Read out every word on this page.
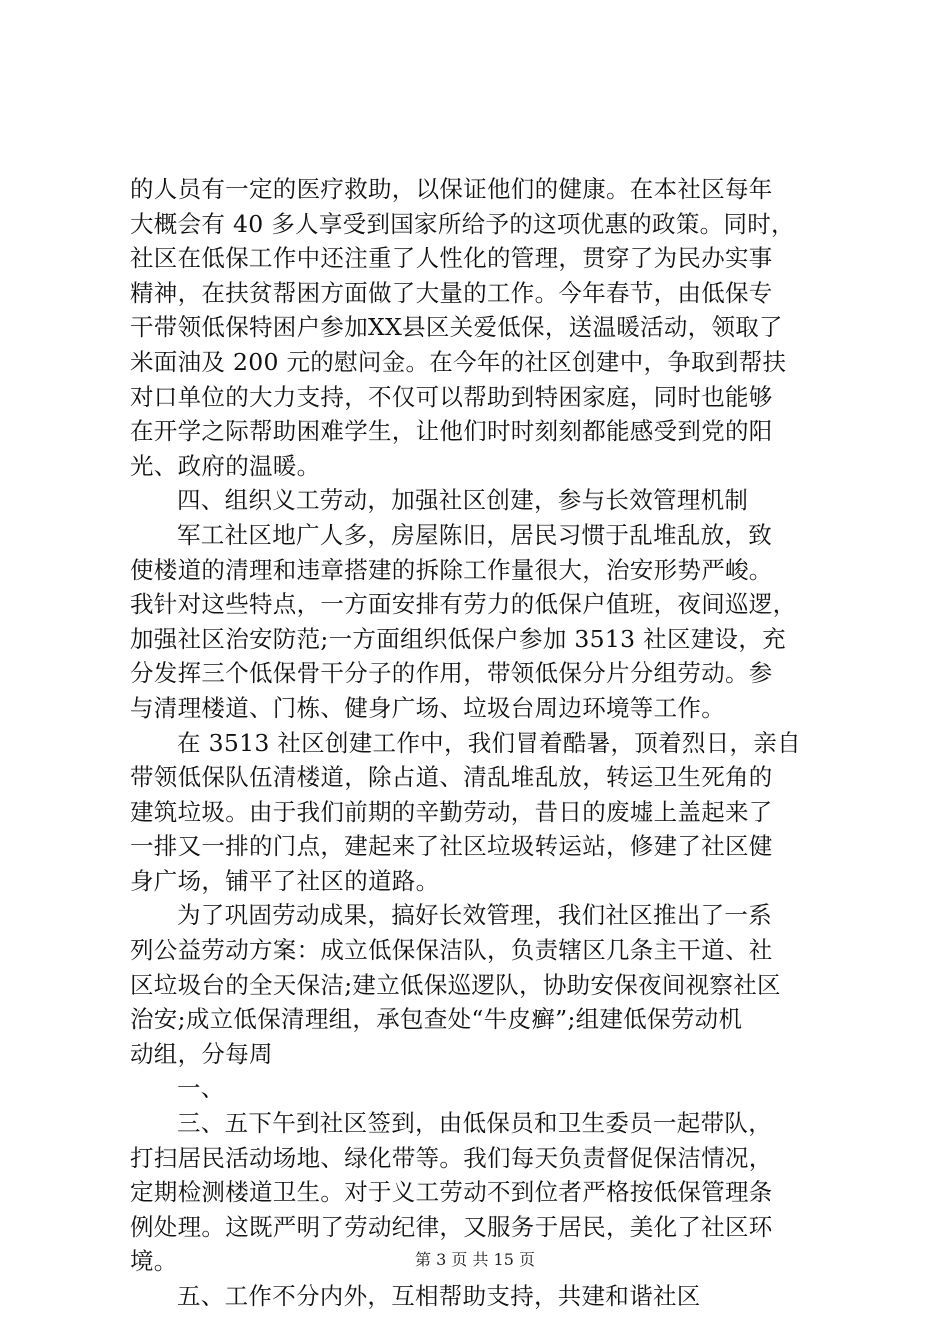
的人员有一定的医疗救助，以保证他们的健康。在本社区每年
大概会有 40 多人享受到国家所给予的这项优惠的政策。同时，
社区在低保工作中还注重了人性化的管理，贯穿了为民办实事
精神，在扶贫帮困方面做了大量的工作。今年春节，由低保专
干带领低保特困户参加XX县区关爱低保，送温暖活动，领取了
米面油及 200 元的慰问金。在今年的社区创建中，争取到帮扶
对口单位的大力支持，不仅可以帮助到特困家庭，同时也能够
在开学之际帮助困难学生，让他们时时刻刻都能感受到党的阳
光、政府的温暖。
四、组织义工劳动，加强社区创建，参与长效管理机制
军工社区地广人多，房屋陈旧，居民习惯于乱堆乱放，致
使楼道的清理和违章搭建的拆除工作量很大，治安形势严峻。
我针对这些特点，一方面安排有劳力的低保户值班，夜间巡逻，
加强社区治安防范;一方面组织低保户参加 3513 社区建设，充
分发挥三个低保骨干分子的作用，带领低保分片分组劳动。参
与清理楼道、门栋、健身广场、垃圾台周边环境等工作。
在 3513 社区创建工作中，我们冒着酷暑，顶着烈日，亲自
带领低保队伍清楼道，除占道、清乱堆乱放，转运卫生死角的
建筑垃圾。由于我们前期的辛勤劳动，昔日的废墟上盖起来了
一排又一排的门点，建起来了社区垃圾转运站，修建了社区健
身广场，铺平了社区的道路。
为了巩固劳动成果，搞好长效管理，我们社区推出了一系
列公益劳动方案：成立低保保洁队，负责辖区几条主干道、社
区垃圾台的全天保洁;建立低保巡逻队，协助安保夜间视察社区
治安;成立低保清理组，承包查处“牛皮癣”;组建低保劳动机
动组，分每周
一、
三、五下午到社区签到，由低保员和卫生委员一起带队，
打扫居民活动场地、绿化带等。我们每天负责督促保洁情况，
定期检测楼道卫生。对于义工劳动不到位者严格按低保管理条
例处理。这既严明了劳动纪律，又服务于居民，美化了社区环
境。
五、工作不分内外，互相帮助支持，共建和谐社区
第 3 页 共 15 页
